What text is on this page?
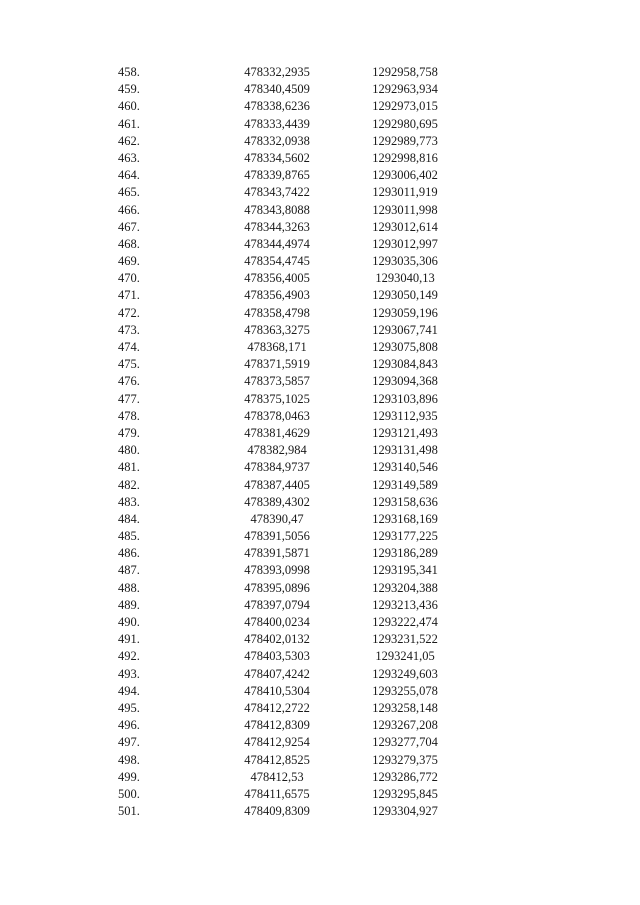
458.	478332,2935	1292958,758
459.	478340,4509	1292963,934
460.	478338,6236	1292973,015
461.	478333,4439	1292980,695
462.	478332,0938	1292989,773
463.	478334,5602	1292998,816
464.	478339,8765	1293006,402
465.	478343,7422	1293011,919
466.	478343,8088	1293011,998
467.	478344,3263	1293012,614
468.	478344,4974	1293012,997
469.	478354,4745	1293035,306
470.	478356,4005	1293040,13
471.	478356,4903	1293050,149
472.	478358,4798	1293059,196
473.	478363,3275	1293067,741
474.	478368,171	1293075,808
475.	478371,5919	1293084,843
476.	478373,5857	1293094,368
477.	478375,1025	1293103,896
478.	478378,0463	1293112,935
479.	478381,4629	1293121,493
480.	478382,984	1293131,498
481.	478384,9737	1293140,546
482.	478387,4405	1293149,589
483.	478389,4302	1293158,636
484.	478390,47	1293168,169
485.	478391,5056	1293177,225
486.	478391,5871	1293186,289
487.	478393,0998	1293195,341
488.	478395,0896	1293204,388
489.	478397,0794	1293213,436
490.	478400,0234	1293222,474
491.	478402,0132	1293231,522
492.	478403,5303	1293241,05
493.	478407,4242	1293249,603
494.	478410,5304	1293255,078
495.	478412,2722	1293258,148
496.	478412,8309	1293267,208
497.	478412,9254	1293277,704
498.	478412,8525	1293279,375
499.	478412,53	1293286,772
500.	478411,6575	1293295,845
501.	478409,8309	1293304,927
